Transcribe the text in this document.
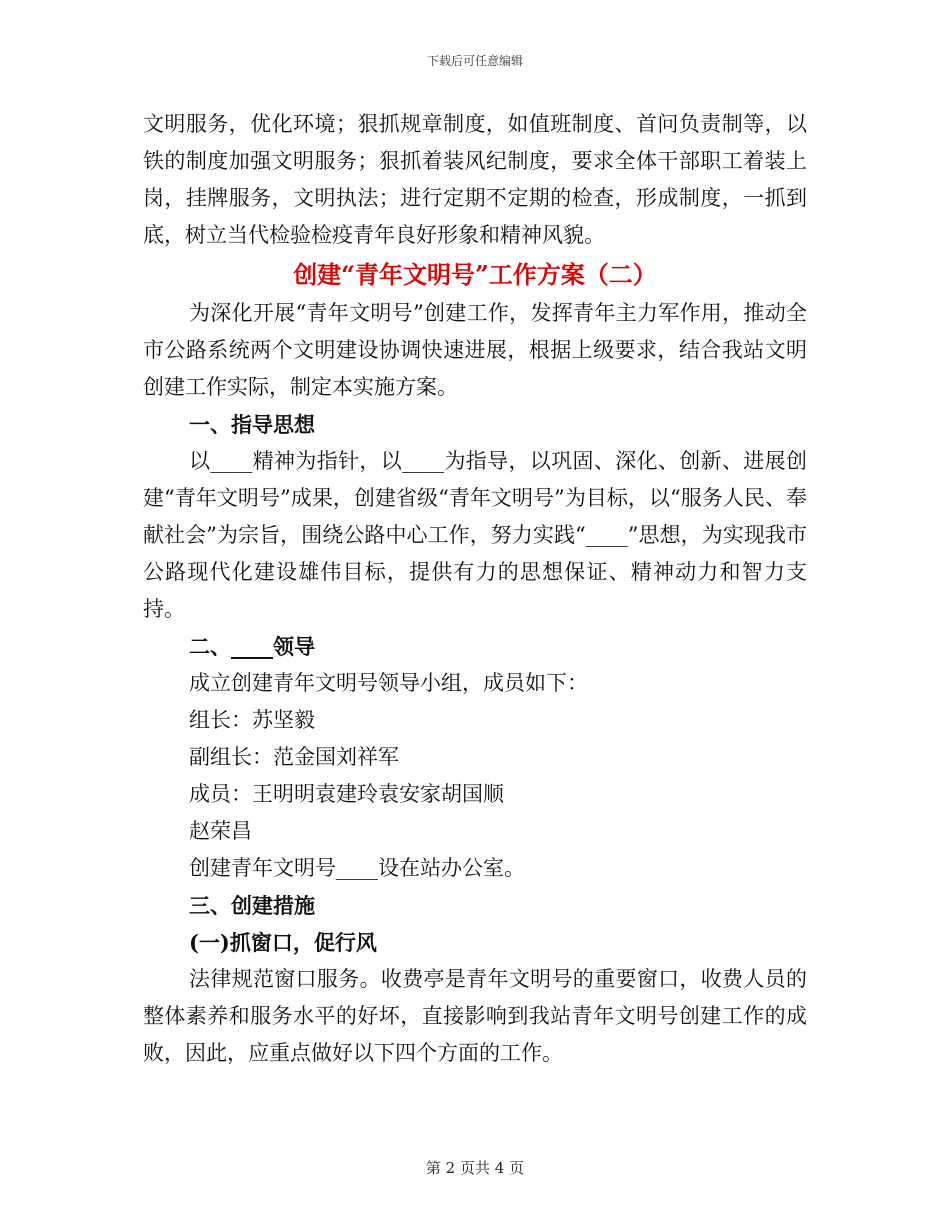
下载后可任意编辑

文明服务，优化环境；狠抓规章制度，如值班制度、首问负责制等，以铁的制度加强文明服务；狠抓着装风纪制度，要求全体干部职工着装上岗，挂牌服务，文明执法；进行定期不定期的检查，形成制度，一抓到底，树立当代检验检疫青年良好形象和精神风貌。

创建“青年文明号”工作方案（二）

为深化开展“青年文明号”创建工作，发挥青年主力军作用，推动全市公路系统两个文明建设协调快速进展，根据上级要求，结合我站文明创建工作实际，制定本实施方案。

一、指导思想

以____精神为指针，以____为指导，以巩固、深化、创新、进展创建“青年文明号”成果，创建省级“青年文明号”为目标，以“服务人民、奉献社会”为宗旨，围绕公路中心工作，努力实践“____”思想，为实现我市公路现代化建设雄伟目标，提供有力的思想保证、精神动力和智力支持。

二、____领导
成立创建青年文明号领导小组，成员如下：
组长：苏坚毅
副组长：范金国刘祥军
成员：王明明袁建玲袁安家胡国顺
赵荣昌
创建青年文明号____设在站办公室。
三、创建措施
(一)抓窗口，促行风

法律规范窗口服务。收费亭是青年文明号的重要窗口，收费人员的整体素养和服务水平的好坏，直接影响到我站青年文明号创建工作的成败，因此，应重点做好以下四个方面的工作。

第 2 页共 4 页
